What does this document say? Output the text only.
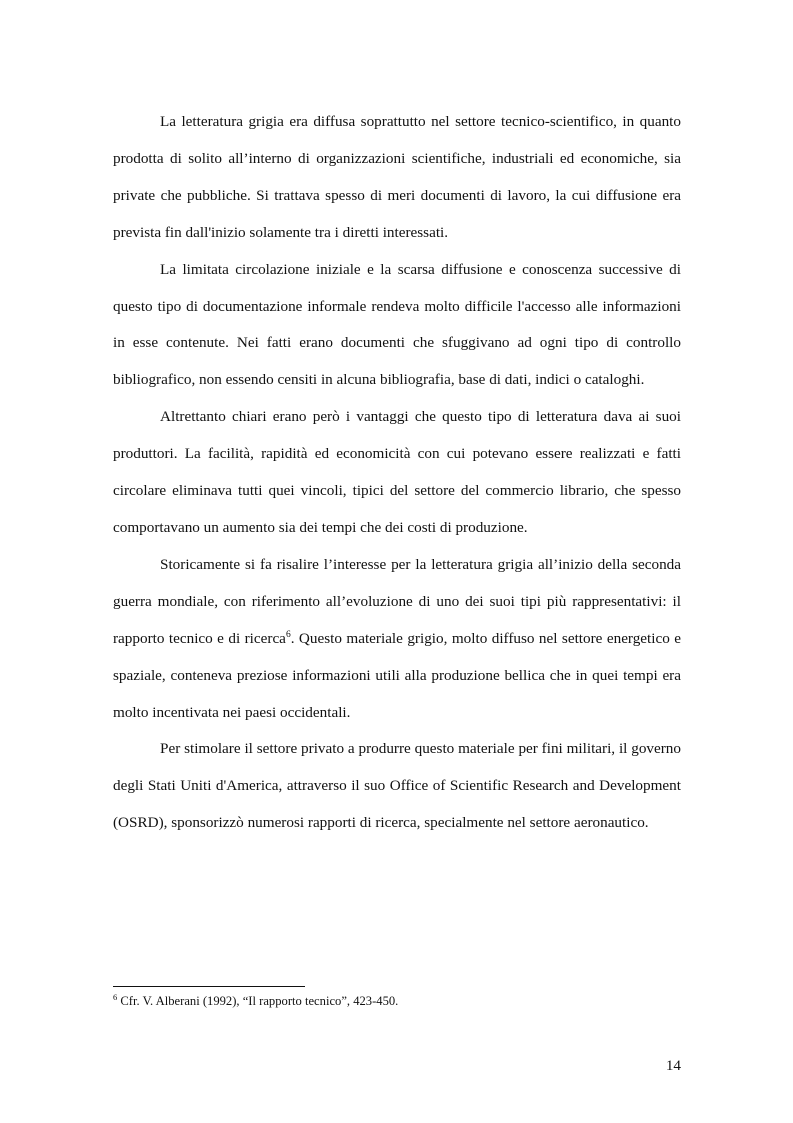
La letteratura grigia era diffusa soprattutto nel settore tecnico-scientifico, in quanto prodotta di solito all’interno di organizzazioni scientifiche, industriali ed economiche, sia private che pubbliche. Si trattava spesso di meri documenti di lavoro, la cui diffusione era prevista fin dall'inizio solamente tra i diretti interessati.

La limitata circolazione iniziale e la scarsa diffusione e conoscenza successive di questo tipo di documentazione informale rendeva molto difficile l'accesso alle informazioni in esse contenute. Nei fatti erano documenti che sfuggivano ad ogni tipo di controllo bibliografico, non essendo censiti in alcuna bibliografia, base di dati, indici o cataloghi.

Altrettanto chiari erano però i vantaggi che questo tipo di letteratura dava ai suoi produttori. La facilità, rapidità ed economicità con cui potevano essere realizzati e fatti circolare eliminava tutti quei vincoli, tipici del settore del commercio librario, che spesso comportavano un aumento sia dei tempi che dei costi di produzione.

Storicamente si fa risalire l’interesse per la letteratura grigia all’inizio della seconda guerra mondiale, con riferimento all’evoluzione di uno dei suoi tipi più rappresentativi: il rapporto tecnico e di ricerca$^6$. Questo materiale grigio, molto diffuso nel settore energetico e spaziale, conteneva preziose informazioni utili alla produzione bellica che in quei tempi era molto incentivata nei paesi occidentali.

Per stimolare il settore privato a produrre questo materiale per fini militari, il governo degli Stati Uniti d'America, attraverso il suo Office of Scientific Research and Development (OSRD), sponsorizzò numerosi rapporti di ricerca, specialmente nel settore aeronautico.

$^6$ Cfr. V. Alberani (1992), “Il rapporto tecnico”, 423-450.
14
